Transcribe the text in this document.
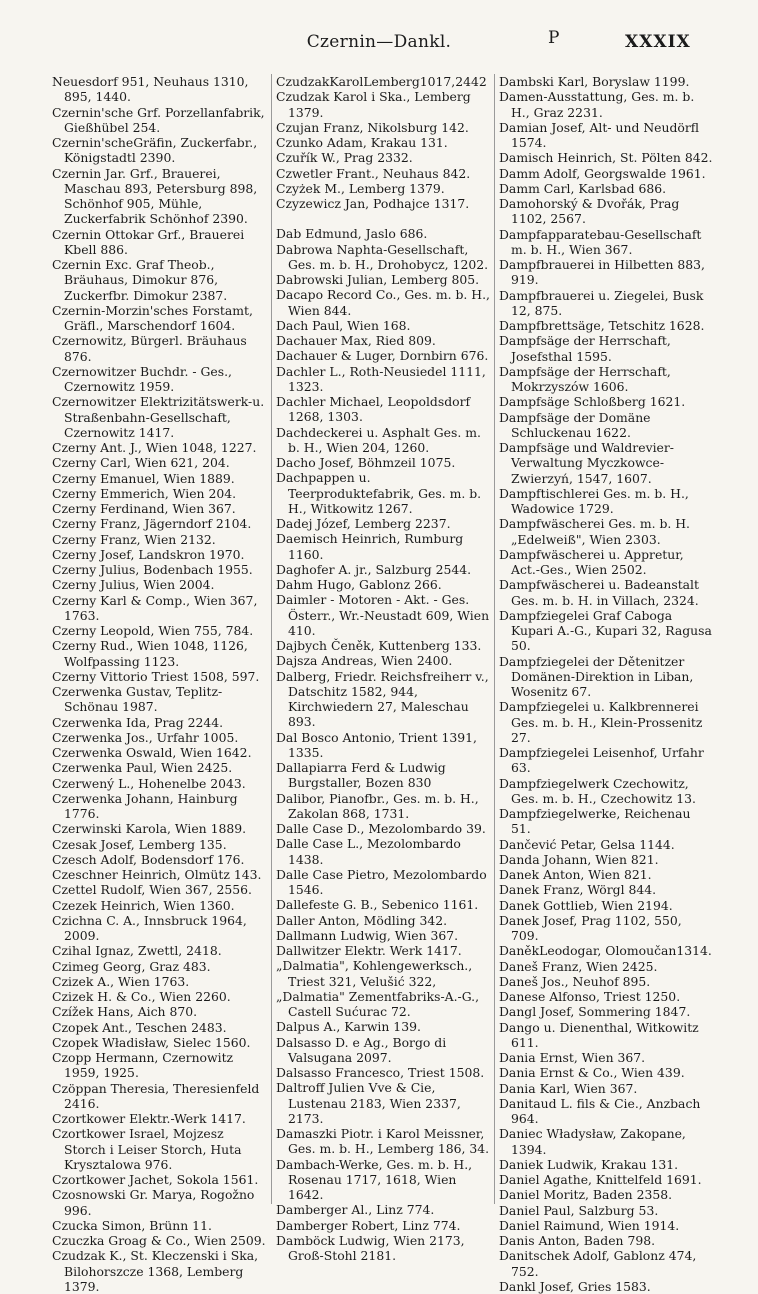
Czernin—Dankl.	P	XXXIX

Neuesdorf 951, Neuhaus 1310, 895, 1440.

Czernin'sche Grf. Porzellanfabrik, Gießhübel 254.

Czernin'scheGräfin, Zuckerfabr., Königstadtl 2390.

Czernin Jar. Grf., Brauerei, Maschau 893, Petersburg 898, Schönhof 905, Mühle, Zuckerfabrik Schönhof 2390.

Czernin Ottokar Grf., Brauerei Kbell 886.

Czernin Exc. Graf Theob., Bräuhaus, Dimokur 876, Zuckerfbr. Dimokur 2387.

Czernin-Morzin'sches Forstamt, Gräfl., Marschendorf 1604.

Czernowitz, Bürgerl. Bräuhaus 876.

Czernowitzer Buchdr. - Ges., Czernowitz 1959.

Czernowitzer Elektrizitätswerk-u. Straßenbahn-Gesellschaft, Czernowitz 1417.

Czerny Ant. J., Wien 1048, 1227.

Czerny Carl, Wien 621, 204.

Czerny Emanuel, Wien 1889.

Czerny Emmerich, Wien 204.

Czerny Ferdinand, Wien 367.

Czerny Franz, Jägerndorf 2104.

Czerny Franz, Wien 2132.

Czerny Josef, Landskron 1970.

Czerny Julius, Bodenbach 1955.

Czerny Julius, Wien 2004.

Czerny Karl & Comp., Wien 367, 1763.

Czerny Leopold, Wien 755, 784.

Czerny Rud., Wien 1048, 1126, Wolfpassing 1123.

Czerny Vittorio Triest 1508, 597.

Czerwenka Gustav, Teplitz-Schönau 1987.

Czerwenka Ida, Prag 2244.

Czerwenka Jos., Urfahr 1005.

Czerwenka Oswald, Wien 1642.

Czerwenka Paul, Wien 2425.

Czerwený L., Hohenelbe 2043.

Czerwenka Johann, Hainburg 1776.

Czerwinski Karola, Wien 1889.

Czesak Josef, Lemberg 135.

Czesch Adolf, Bodensdorf 176.

Czeschner Heinrich, Olmütz 143.

Czettel Rudolf, Wien 367, 2556.

Czezek Heinrich, Wien 1360.

Czichna C. A., Innsbruck 1964, 2009.

Czihal Ignaz, Zwettl, 2418.

Czimeg Georg, Graz 483.

Czizek A., Wien 1763.

Czizek H. & Co., Wien 2260.

Czížek Hans, Aich 870.

Czopek Ant., Teschen 2483.

Czopek Władisław, Sielec 1560.

Czopp Hermann, Czernowitz 1959, 1925.

Czöppan Theresia, Theresienfeld 2416.

Czortkower Elektr.-Werk 1417.

Czortkower Israel, Mojzesz Storch i Leiser Storch, Huta Krysztalowa 976.

Czortkower Jachet, Sokola 1561.

Czosnowski Gr. Marya, Rogožno 996.

Czucka Simon, Brünn 11.

Czuczka Groag & Co., Wien 2509.

Czudzak K., St. Kleczenski i Ska, Bilohorszcze 1368, Lemberg 1379.

CzudzakKarolLemberg1017,2442

Czudzak Karol i Ska., Lemberg 1379.

Czujan Franz, Nikolsburg 142.

Czunko Adam, Krakau 131.

Czuřík W., Prag 2332.

Czwetler Frant., Neuhaus 842.

Czyżek M., Lemberg 1379.

Czyzewicz Jan, Podhajce 1317.

Dab Edmund, Jaslo 686.

Dabrowa Naphta-Gesellschaft, Ges. m. b. H., Drohobycz, 1202.

Dabrowski Julian, Lemberg 805.

Dacapo Record Co., Ges. m. b. H., Wien 844.

Dach Paul, Wien 168.

Dachauer Max, Ried 809.

Dachauer & Luger, Dornbirn 676.

Dachler L., Roth-Neusiedel 1111, 1323.

Dachler Michael, Leopoldsdorf 1268, 1303.

Dachdeckerei u. Asphalt Ges. m. b. H., Wien 204, 1260.

Dacho Josef, Böhmzeil 1075.

Dachpappen u. Teerproduktefabrik, Ges. m. b. H., Witkowitz 1267.

Dadej Józef, Lemberg 2237.

Daemisch Heinrich, Rumburg 1160.

Daghofer A. jr., Salzburg 2544.

Dahm Hugo, Gablonz 266.

Daimler - Motoren - Akt. - Ges. Österr., Wr.-Neustadt 609, Wien 410.

Dajbych Čeněk, Kuttenberg 133.

Dajsza Andreas, Wien 2400.

Dalberg, Friedr. Reichsfreiherr v., Datschitz 1582, 944, Kirchwiedern 27, Maleschau 893.

Dal Bosco Antonio, Trient 1391, 1335.

Dallapiarra Ferd & Ludwig Burgstaller, Bozen 830

Dalibor, Pianofbr., Ges. m. b. H., Zakolan 868, 1731.

Dalle Case D., Mezolombardo 39.

Dalle Case L., Mezolombardo 1438.

Dalle Case Pietro, Mezolombardo 1546.

Dallefeste G. B., Sebenico 1161.

Daller Anton, Mödling 342.

Dallmann Ludwig, Wien 367.

Dallwitzer Elektr. Werk 1417.

„Dalmatia", Kohlengewerksch., Triest 321, Velušić 322,

„Dalmatia" Zementfabriks-A.-G., Castell Sućurac 72.

Dalpus A., Karwin 139.

Dalsasso D. e Ag., Borgo di Valsugana 2097.

Dalsasso Francesco, Triest 1508.

Daltroff Julien Vve & Cie, Lustenau 2183, Wien 2337, 2173.

Damaszki Piotr. i Karol Meissner, Ges. m. b. H., Lemberg 186, 34.

Dambach-Werke, Ges. m. b. H., Rosenau 1717, 1618, Wien 1642.

Damberger Al., Linz 774.

Damberger Robert, Linz 774.

Damböck Ludwig, Wien 2173, Groß-Stohl 2181.

Dambski Karl, Boryslaw 1199.

Damen-Ausstattung, Ges. m. b. H., Graz 2231.

Damian Josef, Alt- und Neudörfl 1574.

Damisch Heinrich, St. Pölten 842.

Damm Adolf, Georgswalde 1961.

Damm Carl, Karlsbad 686.

Damohorský & Dvořák, Prag 1102, 2567.

Dampfapparatebau-Gesellschaft m. b. H., Wien 367.

Dampfbrauerei in Hilbetten 883, 919.

Dampfbrauerei u. Ziegelei, Busk 12, 875.

Dampfbrettsäge, Tetschitz 1628.

Dampfsäge der Herrschaft, Josefsthal 1595.

Dampfsäge der Herrschaft, Mokrzyszów 1606.

Dampfsäge Schloßberg 1621.

Dampfsäge der Domäne Schluckenau 1622.

Dampfsäge und Waldrevier-Verwaltung Myczkowce-Zwierzyń, 1547, 1607.

Dampftischlerei Ges. m. b. H., Wadowice 1729.

Dampfwäscherei Ges. m. b. H. „Edelweiß", Wien 2303.

Dampfwäscherei u. Appretur, Act.-Ges., Wien 2502.

Dampfwäscherei u. Badeanstalt Ges. m. b. H. in Villach, 2324.

Dampfziegelei Graf Caboga Kupari A.-G., Kupari 32, Ragusa 50.

Dampfziegelei der Dětenitzer Domänen-Direktion in Liban, Wosenitz 67.

Dampfziegelei u. Kalkbrennerei Ges. m. b. H., Klein-Prossenitz 27.

Dampfziegelei Leisenhof, Urfahr 63.

Dampfziegelwerk Czechowitz, Ges. m. b. H., Czechowitz 13.

Dampfziegelwerke, Reichenau 51.

Dančević Petar, Gelsa 1144.

Danda Johann, Wien 821.

Danek Anton, Wien 821.

Danek Franz, Wörgl 844.

Danek Gottlieb, Wien 2194.

Danek Josef, Prag 1102, 550, 709.

DaněkLeodogar, Olomoučan1314.

Daneš Franz, Wien 2425.

Daneš Jos., Neuhof 895.

Danese Alfonso, Triest 1250.

Dangl Josef, Sommering 1847.

Dango u. Dienenthal, Witkowitz 611.

Dania Ernst, Wien 367.

Dania Ernst & Co., Wien 439.

Dania Karl, Wien 367.

Danitaud L. fils & Cie., Anzbach 964.

Daniec Władysław, Zakopane, 1394.

Daniek Ludwik, Krakau 131.

Daniel Agathe, Knittelfeld 1691.

Daniel Moritz, Baden 2358.

Daniel Paul, Salzburg 53.

Daniel Raimund, Wien 1914.

Danis Anton, Baden 798.

Danitschek Adolf, Gablonz 474, 752.

Dankl Josef, Gries 1583.
